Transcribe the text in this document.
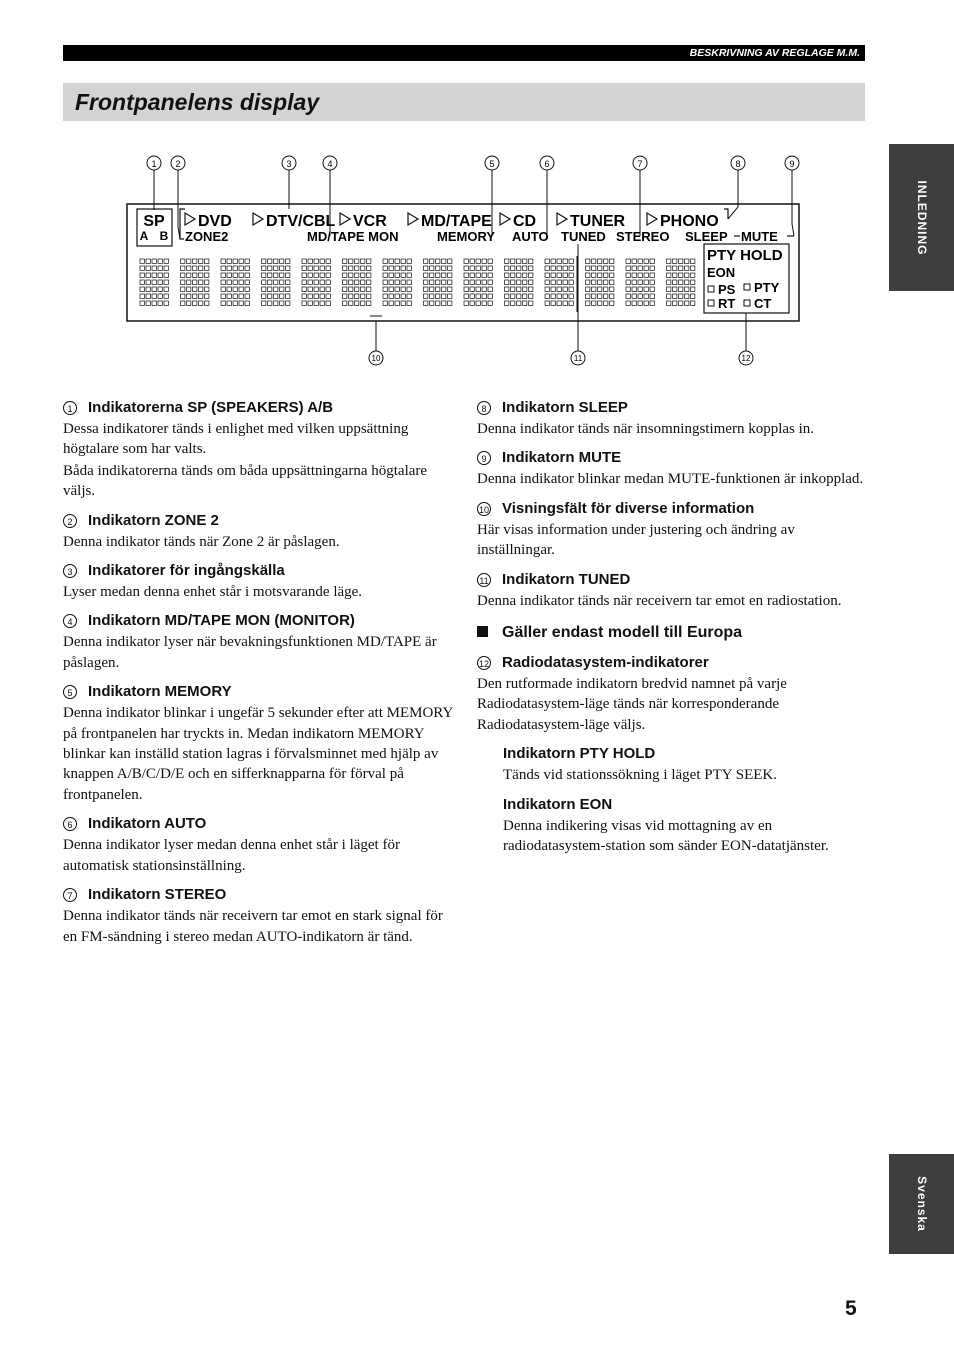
BESKRIVNING AV REGLAGE M.M.
Frontpanelens display
INLEDNING
Svenska
1 2	3	4	5	6	7	8	9
10	11	12
SP
A B
DVD DTV/CBL VCR MD/TAPE CD TUNER PHONO
ZONE2	MD/TAPE MON	MEMORY AUTO TUNED STEREO SLEEP MUTE
PTY HOLD
EON
PS PTY
RT CT
1	Indikatorerna SP (SPEAKERS) A/B

Dessa indikatorer tänds i enlighet med vilken uppsättning högtalare som har valts.

Båda indikatorerna tänds om båda uppsättningarna högtalare väljs.

2	Indikatorn ZONE 2

Denna indikator tänds när Zone 2 är påslagen.

3	Indikatorer för ingångskälla

Lyser medan denna enhet står i motsvarande läge.

4	Indikatorn MD/TAPE MON (MONITOR)

Denna indikator lyser när bevakningsfunktionen MD/TAPE är påslagen.

5	Indikatorn MEMORY

Denna indikator blinkar i ungefär 5 sekunder efter att MEMORY på frontpanelen har tryckts in. Medan indikatorn MEMORY blinkar kan inställd station lagras i förvalsminnet med hjälp av knappen A/B/C/D/E och en sifferknapparna för förval på frontpanelen.

6	Indikatorn AUTO

Denna indikator lyser medan denna enhet står i läget för automatisk stationsinställning.

7	Indikatorn STEREO

Denna indikator tänds när receivern tar emot en stark signal för en FM-sändning i stereo medan AUTO-indikatorn är tänd.

8	Indikatorn SLEEP

Denna indikator tänds när insomningstimern kopplas in.

9	Indikatorn MUTE

Denna indikator blinkar medan MUTE-funktionen är inkopplad.

10 Visningsfält för diverse information

Här visas information under justering och ändring av inställningar.

11 Indikatorn TUNED

Denna indikator tänds när receivern tar emot en radiostation.

Gäller endast modell till Europa
12 Radiodatasystem-indikatorer

Den rutformade indikatorn bredvid namnet på varje Radiodatasystem-läge tänds när korresponderande Radiodatasystem-läge väljs.

Indikatorn PTY HOLD

Tänds vid stationssökning i läget PTY SEEK.

Indikatorn EON

Denna indikering visas vid mottagning av en radiodatasystem-station som sänder EON-datatjänster.

5
